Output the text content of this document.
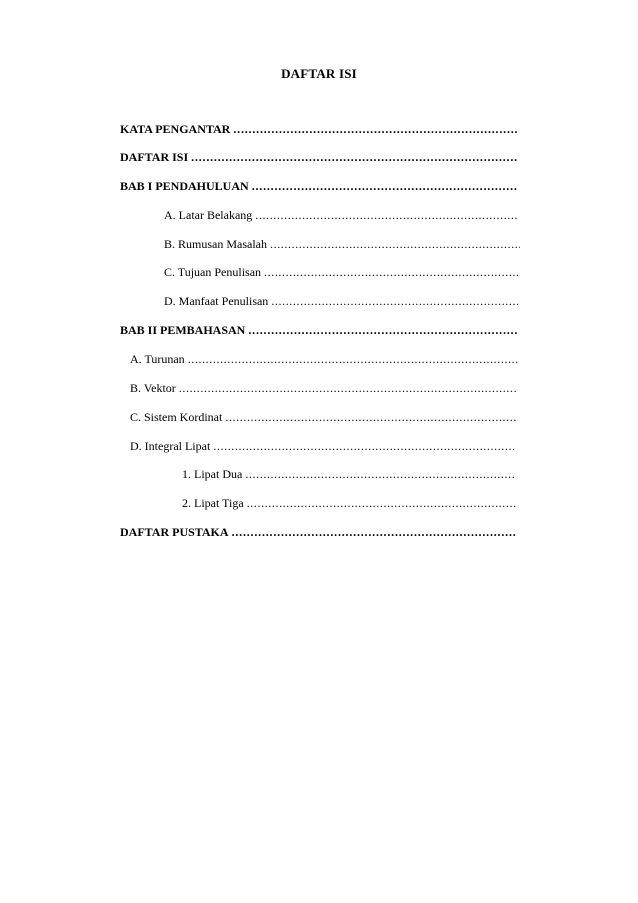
DAFTAR ISI
KATA PENGANTAR
.....
DAFTAR ISI
.....
BAB I PENDAHULUAN
.....
A. Latar Belakang
.....
B. Rumusan Masalah
.....
C. Tujuan Penulisan
.....
D. Manfaat Penulisan
.....
BAB II PEMBAHASAN
.....
A. Turunan
.....
B. Vektor
.....
C. Sistem Kordinat
.....
D. Integral Lipat
.....
1. Lipat Dua
.....
2. Lipat Tiga
.....
DAFTAR PUSTAKA
.....
